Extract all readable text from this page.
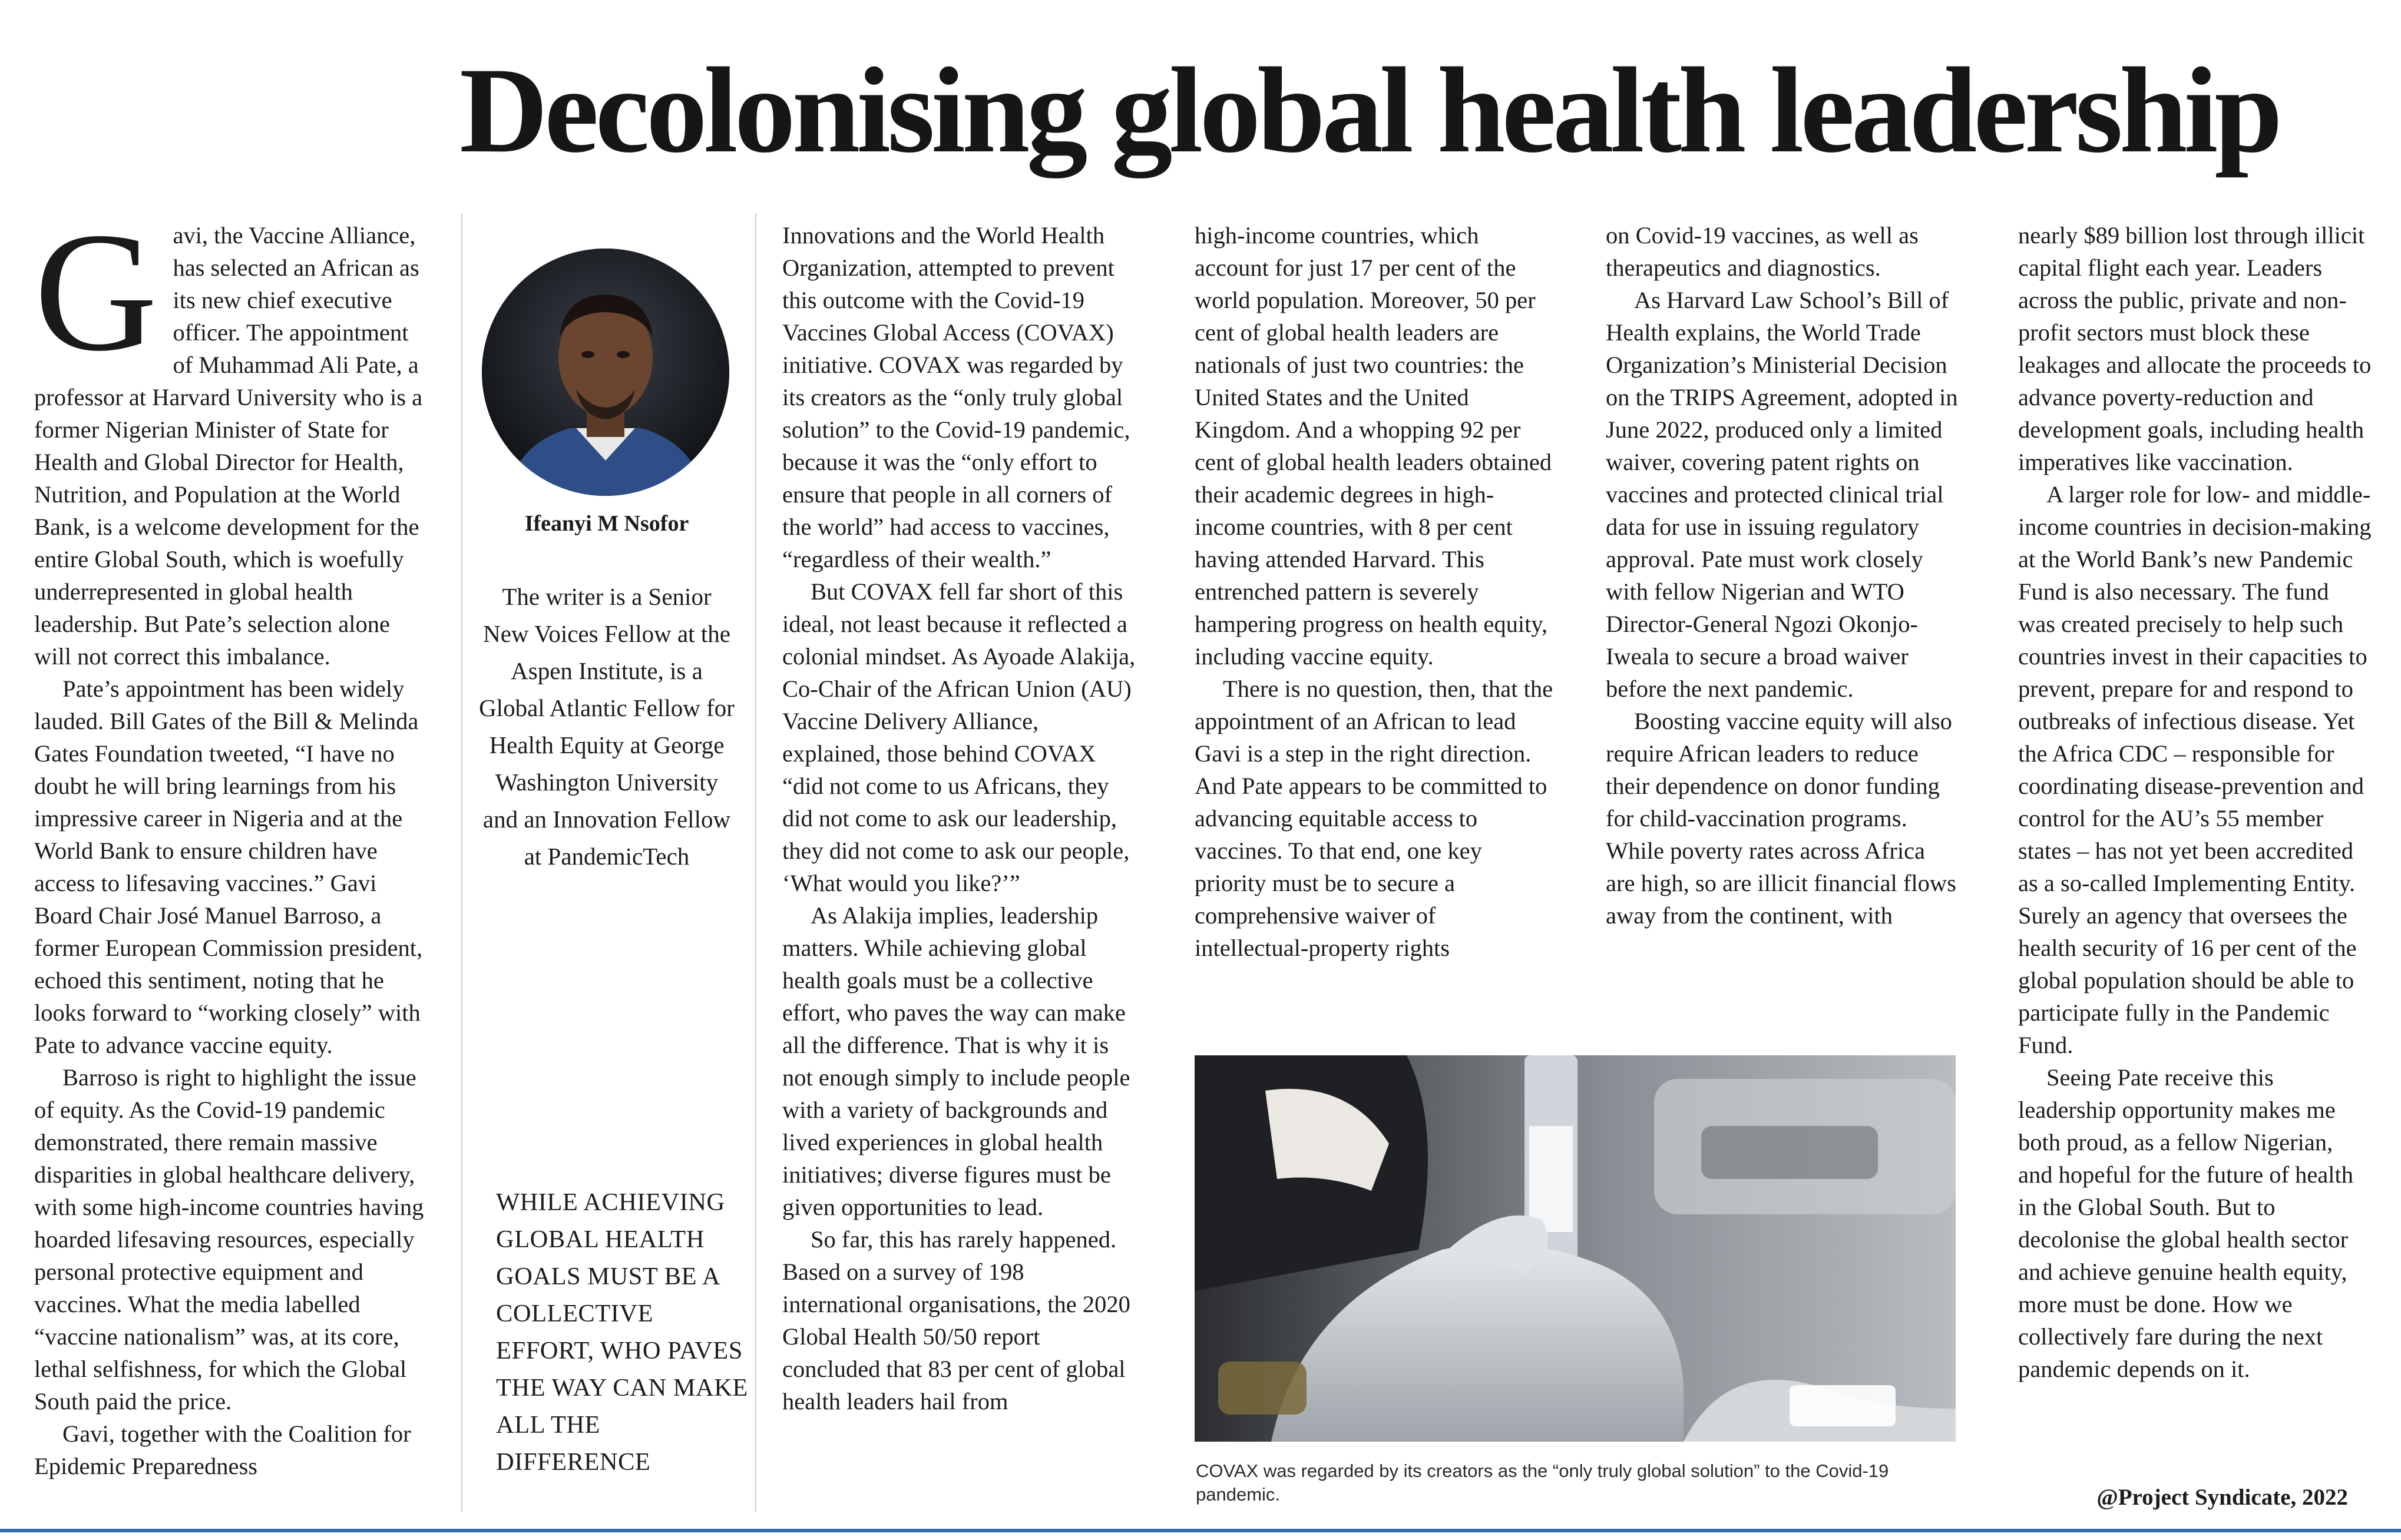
Decolonising global health leadership

Gavi, the Vaccine Alliance, has selected an African as its new chief executive officer. The appointment of Muhammad Ali Pate, a professor at Harvard University who is a former Nigerian Minister of State for Health and Global Director for Health, Nutrition, and Population at the World Bank, is a welcome development for the entire Global South, which is woefully underrepresented in global health leadership. But Pate’s selection alone will not correct this imbalance.

Pate’s appointment has been widely lauded. Bill Gates of the Bill & Melinda Gates Foundation tweeted, “I have no doubt he will bring learnings from his impressive career in Nigeria and at the World Bank to ensure children have access to lifesaving vaccines.” Gavi Board Chair José Manuel Barroso, a former European Commission president, echoed this sentiment, noting that he looks forward to “working closely” with Pate to advance vaccine equity.

Barroso is right to highlight the issue of equity. As the Covid-19 pandemic demonstrated, there remain massive disparities in global healthcare delivery, with some high-income countries having hoarded lifesaving resources, especially personal protective equipment and vaccines. What the media labelled “vaccine nationalism” was, at its core, lethal selfishness, for which the Global South paid the price.

Gavi, together with the Coalition for Epidemic Preparedness

Ifeanyi M Nsofor
The writer is a Senior New Voices Fellow at the Aspen Institute, is a Global Atlantic Fellow for Health Equity at George Washington University and an Innovation Fellow at PandemicTech
WHILE ACHIEVING GLOBAL HEALTH GOALS MUST BE A COLLECTIVE EFFORT, WHO PAVES THE WAY CAN MAKE ALL THE DIFFERENCE

Innovations and the World Health Organization, attempted to prevent this outcome with the Covid-19 Vaccines Global Access (COVAX) initiative. COVAX was regarded by its creators as the “only truly global solution” to the Covid-19 pandemic, because it was the “only effort to ensure that people in all corners of the world” had access to vaccines, “regardless of their wealth.”

But COVAX fell far short of this ideal, not least because it reflected a colonial mindset. As Ayoade Alakija, Co-Chair of the African Union (AU) Vaccine Delivery Alliance, explained, those behind COVAX “did not come to us Africans, they did not come to ask our leadership, they did not come to ask our people, ‘What would you like?’”

As Alakija implies, leadership matters. While achieving global health goals must be a collective effort, who paves the way can make all the difference. That is why it is not enough simply to include people with a variety of backgrounds and lived experiences in global health initiatives; diverse figures must be given opportunities to lead.

So far, this has rarely happened. Based on a survey of 198 international organisations, the 2020 Global Health 50/50 report concluded that 83 per cent of global health leaders hail from

high-income countries, which account for just 17 per cent of the world population. Moreover, 50 per cent of global health leaders are nationals of just two countries: the United States and the United Kingdom. And a whopping 92 per cent of global health leaders obtained their academic degrees in high-income countries, with 8 per cent having attended Harvard. This entrenched pattern is severely hampering progress on health equity, including vaccine equity.

There is no question, then, that the appointment of an African to lead Gavi is a step in the right direction. And Pate appears to be committed to advancing equitable access to vaccines. To that end, one key priority must be to secure a comprehensive waiver of intellectual-property rights

on Covid-19 vaccines, as well as therapeutics and diagnostics.

As Harvard Law School’s Bill of Health explains, the World Trade Organization’s Ministerial Decision on the TRIPS Agreement, adopted in June 2022, produced only a limited waiver, covering patent rights on vaccines and protected clinical trial data for use in issuing regulatory approval. Pate must work closely with fellow Nigerian and WTO Director-General Ngozi Okonjo-Iweala to secure a broad waiver before the next pandemic.

Boosting vaccine equity will also require African leaders to reduce their dependence on donor funding for child-vaccination programs. While poverty rates across Africa are high, so are illicit financial flows away from the continent, with

nearly $89 billion lost through illicit capital flight each year. Leaders across the public, private and non-profit sectors must block these leakages and allocate the proceeds to advance poverty-reduction and development goals, including health imperatives like vaccination.

A larger role for low- and middle-income countries in decision-making at the World Bank’s new Pandemic Fund is also necessary. The fund was created precisely to help such countries invest in their capacities to prevent, prepare for and respond to outbreaks of infectious disease. Yet the Africa CDC – responsible for coordinating disease-prevention and control for the AU’s 55 member states – has not yet been accredited as a so-called Implementing Entity. Surely an agency that oversees the health security of 16 per cent of the global population should be able to participate fully in the Pandemic Fund.

Seeing Pate receive this leadership opportunity makes me both proud, as a fellow Nigerian, and hopeful for the future of health in the Global South. But to decolonise the global health sector and achieve genuine health equity, more must be done. How we collectively fare during the next pandemic depends on it.

COVAX was regarded by its creators as the “only truly global solution” to the Covid-19 pandemic.	@Project Syndicate, 2022
